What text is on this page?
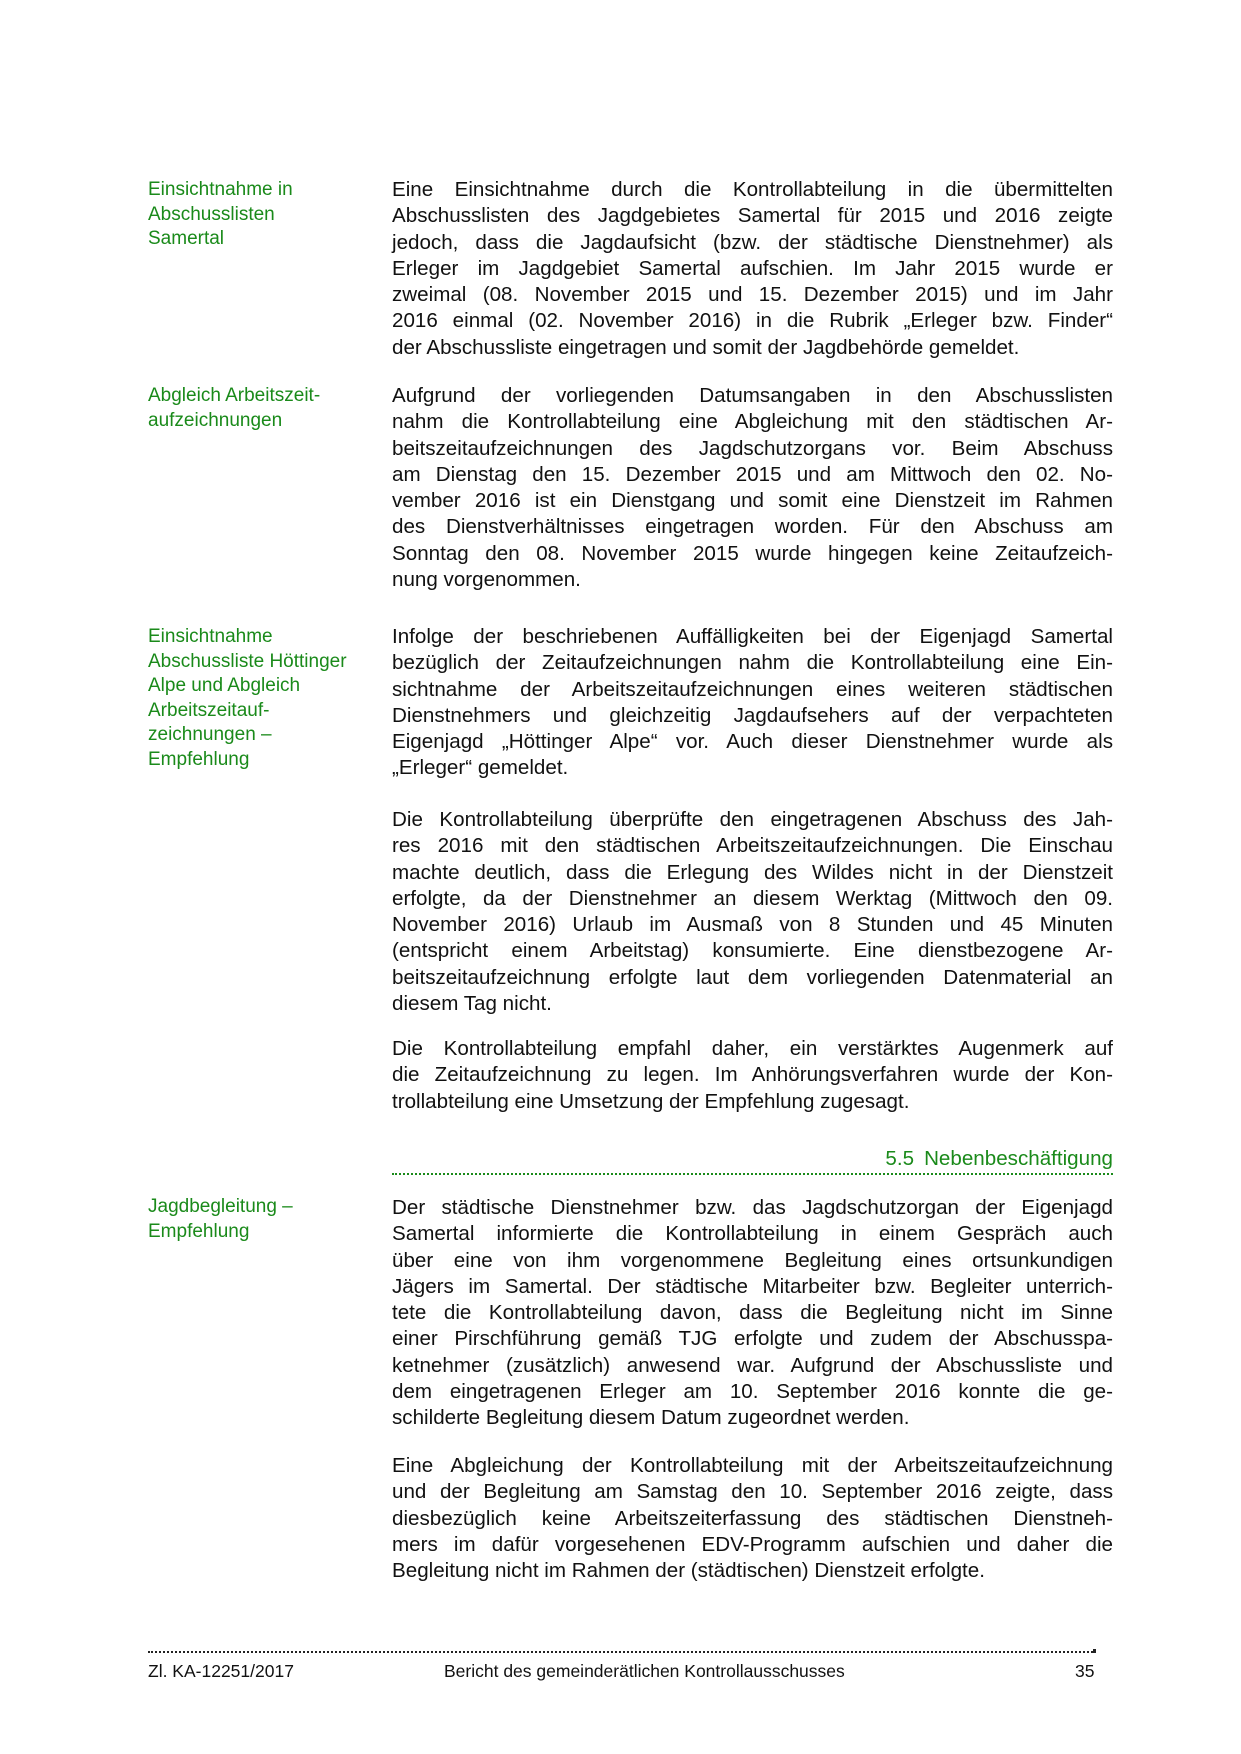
Einsichtnahme in
Abschusslisten
Samertal
Abgleich Arbeitszeit-
aufzeichnungen
Einsichtnahme
Abschussliste Höttinger
Alpe und Abgleich
Arbeitszeitauf-
zeichnungen –
Empfehlung
Jagdbegleitung –
Empfehlung
Eine Einsichtnahme durch die Kontrollabteilung in die übermittelten
Abschusslisten des Jagdgebietes Samertal für 2015 und 2016 zeigte
jedoch, dass die Jagdaufsicht (bzw. der städtische Dienstnehmer) als
Erleger im Jagdgebiet Samertal aufschien. Im Jahr 2015 wurde er
zweimal (08. November 2015 und 15. Dezember 2015) und im Jahr
2016 einmal (02. November 2016) in die Rubrik „Erleger bzw. Finder“
der Abschussliste eingetragen und somit der Jagdbehörde gemeldet.
Aufgrund der vorliegenden Datumsangaben in den Abschusslisten
nahm die Kontrollabteilung eine Abgleichung mit den städtischen Ar-
beitszeitaufzeichnungen des Jagdschutzorgans vor. Beim Abschuss
am Dienstag den 15. Dezember 2015 und am Mittwoch den 02. No-
vember 2016 ist ein Dienstgang und somit eine Dienstzeit im Rahmen
des Dienstverhältnisses eingetragen worden. Für den Abschuss am
Sonntag den 08. November 2015 wurde hingegen keine Zeitaufzeich-
nung vorgenommen.
Infolge der beschriebenen Auffälligkeiten bei der Eigenjagd Samertal
bezüglich der Zeitaufzeichnungen nahm die Kontrollabteilung eine Ein-
sichtnahme der Arbeitszeitaufzeichnungen eines weiteren städtischen
Dienstnehmers und gleichzeitig Jagdaufsehers auf der verpachteten
Eigenjagd „Höttinger Alpe“ vor. Auch dieser Dienstnehmer wurde als
„Erleger“ gemeldet.
Die Kontrollabteilung überprüfte den eingetragenen Abschuss des Jah-
res 2016 mit den städtischen Arbeitszeitaufzeichnungen. Die Einschau
machte deutlich, dass die Erlegung des Wildes nicht in der Dienstzeit
erfolgte, da der Dienstnehmer an diesem Werktag (Mittwoch den 09.
November 2016) Urlaub im Ausmaß von 8 Stunden und 45 Minuten
(entspricht einem Arbeitstag) konsumierte. Eine dienstbezogene Ar-
beitszeitaufzeichnung erfolgte laut dem vorliegenden Datenmaterial an
diesem Tag nicht.
Die Kontrollabteilung empfahl daher, ein verstärktes Augenmerk auf
die Zeitaufzeichnung zu legen. Im Anhörungsverfahren wurde der Kon-
trollabteilung eine Umsetzung der Empfehlung zugesagt.
5.5 Nebenbeschäftigung
Der städtische Dienstnehmer bzw. das Jagdschutzorgan der Eigenjagd
Samertal informierte die Kontrollabteilung in einem Gespräch auch
über eine von ihm vorgenommene Begleitung eines ortsunkundigen
Jägers im Samertal. Der städtische Mitarbeiter bzw. Begleiter unterrich-
tete die Kontrollabteilung davon, dass die Begleitung nicht im Sinne
einer Pirschführung gemäß TJG erfolgte und zudem der Abschusspa-
ketnehmer (zusätzlich) anwesend war. Aufgrund der Abschussliste und
dem eingetragenen Erleger am 10. September 2016 konnte die ge-
schilderte Begleitung diesem Datum zugeordnet werden.
Eine Abgleichung der Kontrollabteilung mit der Arbeitszeitaufzeichnung
und der Begleitung am Samstag den 10. September 2016 zeigte, dass
diesbezüglich keine Arbeitszeiterfassung des städtischen Dienstneh-
mers im dafür vorgesehenen EDV-Programm aufschien und daher die
Begleitung nicht im Rahmen der (städtischen) Dienstzeit erfolgte.
Zl. KA-12251/2017	Bericht des gemeinderätlichen Kontrollausschusses	35
